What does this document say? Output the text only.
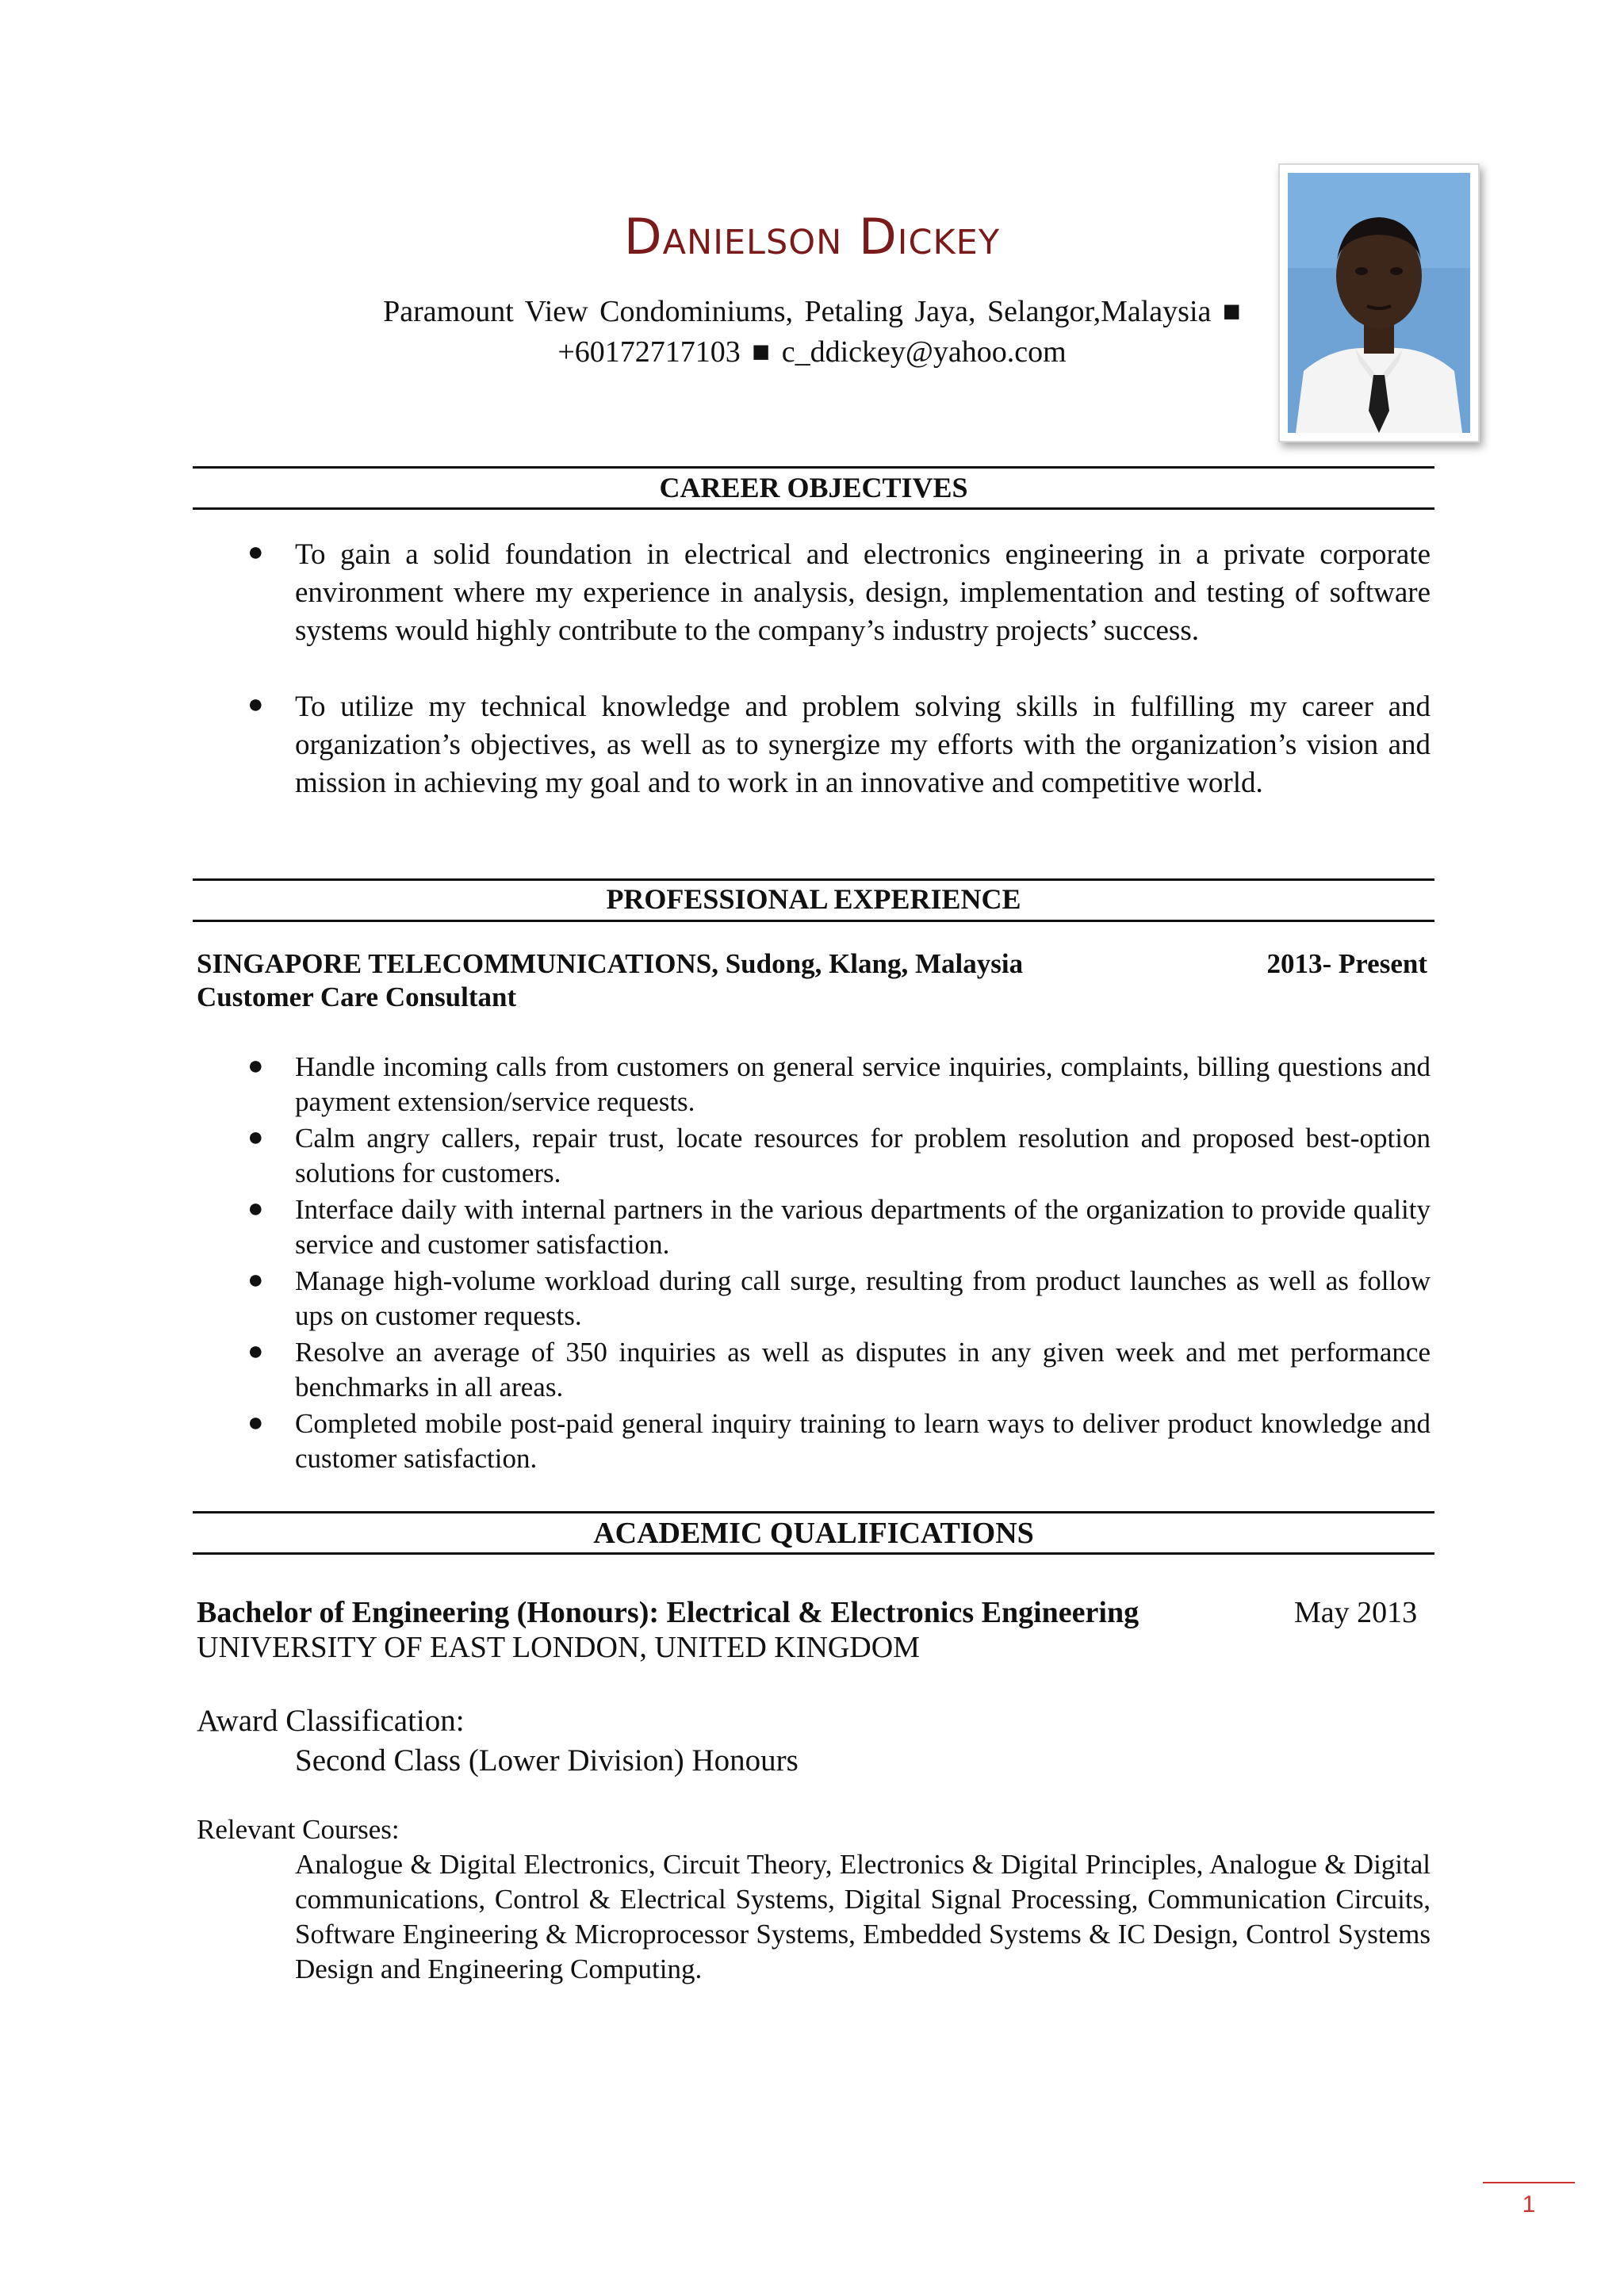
Danielson Dickey
Paramount View Condominiums, Petaling Jaya, Selangor,Malaysia ■
+60172717103 ■ c_ddickey@yahoo.com
CAREER OBJECTIVES
● To gain a solid foundation in electrical and electronics engineering in a private corporate environment where my experience in analysis, design, implementation and testing of software systems would highly contribute to the company’s industry projects’ success.
● To utilize my technical knowledge and problem solving skills in fulfilling my career and organization’s objectives, as well as to synergize my efforts with the organization’s vision and mission in achieving my goal and to work in an innovative and competitive world.
PROFESSIONAL EXPERIENCE
SINGAPORE TELECOMMUNICATIONS, Sudong, Klang, Malaysia	2013- Present
Customer Care Consultant
● Handle incoming calls from customers on general service inquiries, complaints, billing questions and payment extension/service requests.
● Calm angry callers, repair trust, locate resources for problem resolution and proposed best-option solutions for customers.
● Interface daily with internal partners in the various departments of the organization to provide quality service and customer satisfaction.
● Manage high-volume workload during call surge, resulting from product launches as well as follow ups on customer requests.
● Resolve an average of 350 inquiries as well as disputes in any given week and met performance benchmarks in all areas.
● Completed mobile post-paid general inquiry training to learn ways to deliver product knowledge and customer satisfaction.
ACADEMIC QUALIFICATIONS
Bachelor of Engineering (Honours): Electrical & Electronics Engineering	May 2013
UNIVERSITY OF EAST LONDON, UNITED KINGDOM
Award Classification:
Second Class (Lower Division) Honours
Relevant Courses:
Analogue & Digital Electronics, Circuit Theory, Electronics & Digital Principles, Analogue & Digital communications, Control & Electrical Systems, Digital Signal Processing, Communication Circuits, Software Engineering & Microprocessor Systems, Embedded Systems & IC Design, Control Systems Design and Engineering Computing.
1
